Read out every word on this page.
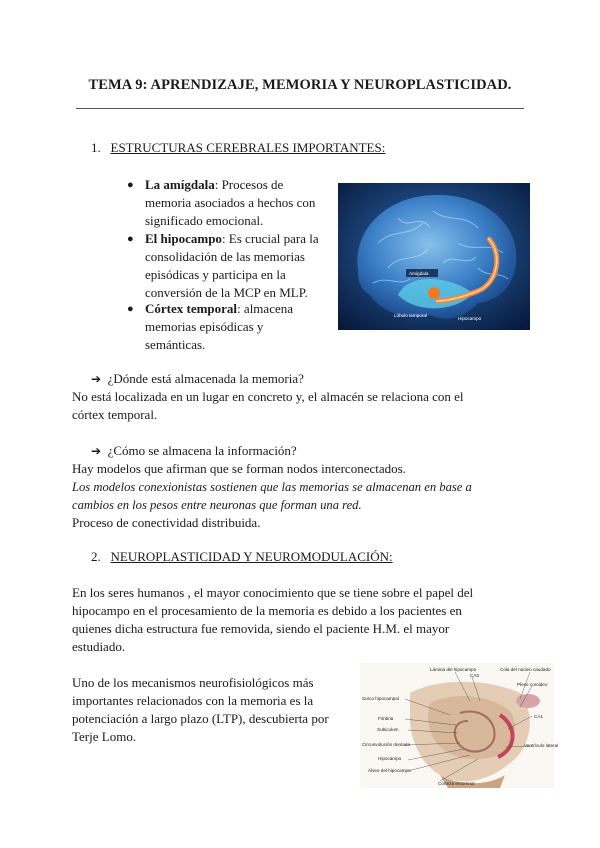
TEMA 9: APRENDIZAJE, MEMORIA Y NEUROPLASTICIDAD.
1. ESTRUCTURAS CEREBRALES IMPORTANTES:
● La amígdala: Procesos de
memoria asociados a hechos con
significado emocional.
● El hipocampo: Es crucial para la
consolidación de las memorias
episódicas y participa en la
conversión de la MCP en MLP.
● Córtex temporal: almacena
memorias episódicas y
semánticas.
Amígdala
Lóbulo temporal
Hipocampo
➔ ¿Dónde está almacenada la memoria?
No está localizada en un lugar en concreto y, el almacén se relaciona con el
córtex temporal.
➔ ¿Cómo se almacena la información?
Hay modelos que afirman que se forman nodos interconectados.
Los modelos conexionistas sostienen que las memorias se almacenan en base a
cambios en los pesos entre neuronas que forman una red.
Proceso de conectividad distribuida.
2. NEUROPLASTICIDAD Y NEUROMODULACIÓN:
En los seres humanos , el mayor conocimiento que se tiene sobre el papel del
hipocampo en el procesamiento de la memoria es debido a los pacientes en
quienes dicha estructura fue removida, siendo el paciente H.M. el mayor
estudiado.
Uno de los mecanismos neurofisiológicos más
importantes relacionados con la memoria es la
potenciación a largo plazo (LTP), descubierta por
Terje Lomo.
Lámina del hipocampo
CA3
Cola del núcleo caudado
Plexo coroideo
Surco hipocampal
Fimbria
Subiculum
Circunvolución dentada
Hipocampo
Álveo del hipocampo
Corteza entorrinal
CA1
Ventrículo lateral
